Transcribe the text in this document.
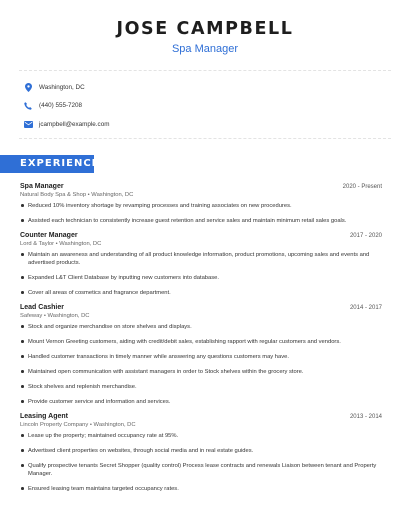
JOSE CAMPBELL
Spa Manager
Washington, DC
(440) 555-7208
jcampbell@example.com
EXPERIENCE
Spa Manager	2020 - Present
Natural Body Spa & Shop • Washington, DC
Reduced 10% inventory shortage by revamping processes and training associates on new procedures.
Assisted each technician to consistently increase guest retention and service sales and maintain minimum retail sales goals.
Counter Manager	2017 - 2020
Lord & Taylor • Washington, DC
Maintain an awareness and understanding of all product knowledge information, product promotions, upcoming sales and events and advertised products.
Expanded L&T Client Database by inputting new customers into database.
Cover all areas of cosmetics and fragrance department.
Lead Cashier	2014 - 2017
Safeway • Washington, DC
Stock and organize merchandise on store shelves and displays.
Mount Vernon Greeting customers, aiding with credit/debit sales, establishing rapport with regular customers and vendors.
Handled customer transactions in timely manner while answering any questions customers may have.
Maintained open communication with assistant managers in order to Stock shelves within the grocery store.
Stock shelves and replenish merchandise.
Provide customer service and information and services.
Leasing Agent	2013 - 2014
Lincoln Property Company • Washington, DC
Lease up the property; maintained occupancy rate at 95%.
Advertised client properties on websites, through social media and in real estate guides.
Qualify prospective tenants Secret Shopper (quality control) Process lease contracts and renewals Liaison between tenant and Property Manager.
Ensured leasing team maintains targeted occupancy rates.
